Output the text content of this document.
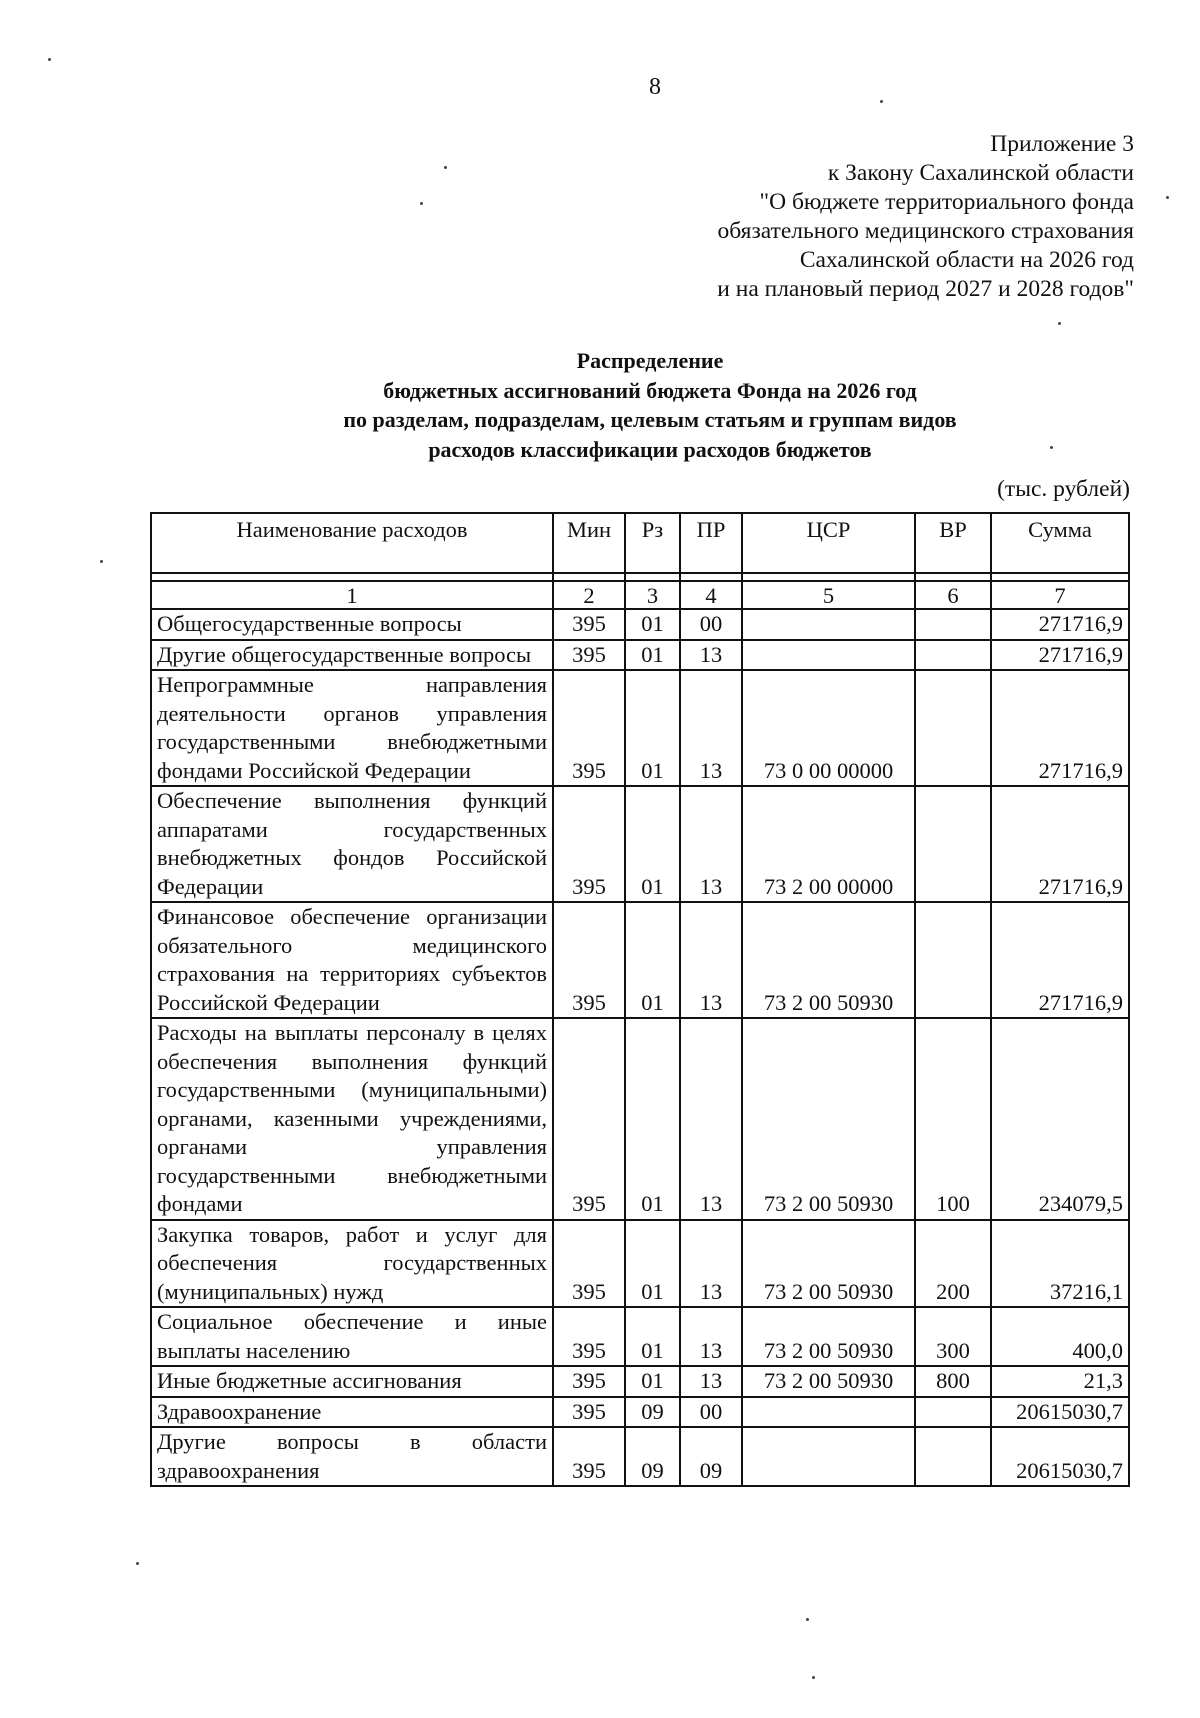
8
Приложение 3
к Закону Сахалинской области
"О бюджете территориального фонда
обязательного медицинского страхования
Сахалинской области на 2026 год
и на плановый период 2027 и 2028 годов"
Распределение
бюджетных ассигнований бюджета Фонда на 2026 год
по разделам, подразделам, целевым статьям и группам видов
расходов классификации расходов бюджетов
(тыс. рублей)
Наименование расходов	Мин	Рз	ПР	ЦСР	ВР	Сумма

1	2	3	4	5	6	7
Общегосударственные вопросы	395	01	00			271716,9
Другие общегосударственные вопросы	395	01	13			271716,9
Непрограммные направления деятельности органов управления государственными внебюджетными фондами Российской Федерации	395	01	13	73 0 00 00000		271716,9
Обеспечение выполнения функций аппаратами государственных внебюджетных фондов Российской Федерации	395	01	13	73 2 00 00000		271716,9
Финансовое обеспечение организации обязательного медицинского страхования на территориях субъектов Российской Федерации	395	01	13	73 2 00 50930		271716,9
Расходы на выплаты персоналу в целях обеспечения выполнения функций государственными (муниципальными) органами, казенными учреждениями, органами управления государственными внебюджетными фондами	395	01	13	73 2 00 50930	100	234079,5
Закупка товаров, работ и услуг для обеспечения государственных (муниципальных) нужд	395	01	13	73 2 00 50930	200	37216,1
Социальное обеспечение и иные выплаты населению	395	01	13	73 2 00 50930	300	400,0
Иные бюджетные ассигнования	395	01	13	73 2 00 50930	800	21,3
Здравоохранение	395	09	00			20615030,7
Другие вопросы в области здравоохранения	395	09	09			20615030,7
